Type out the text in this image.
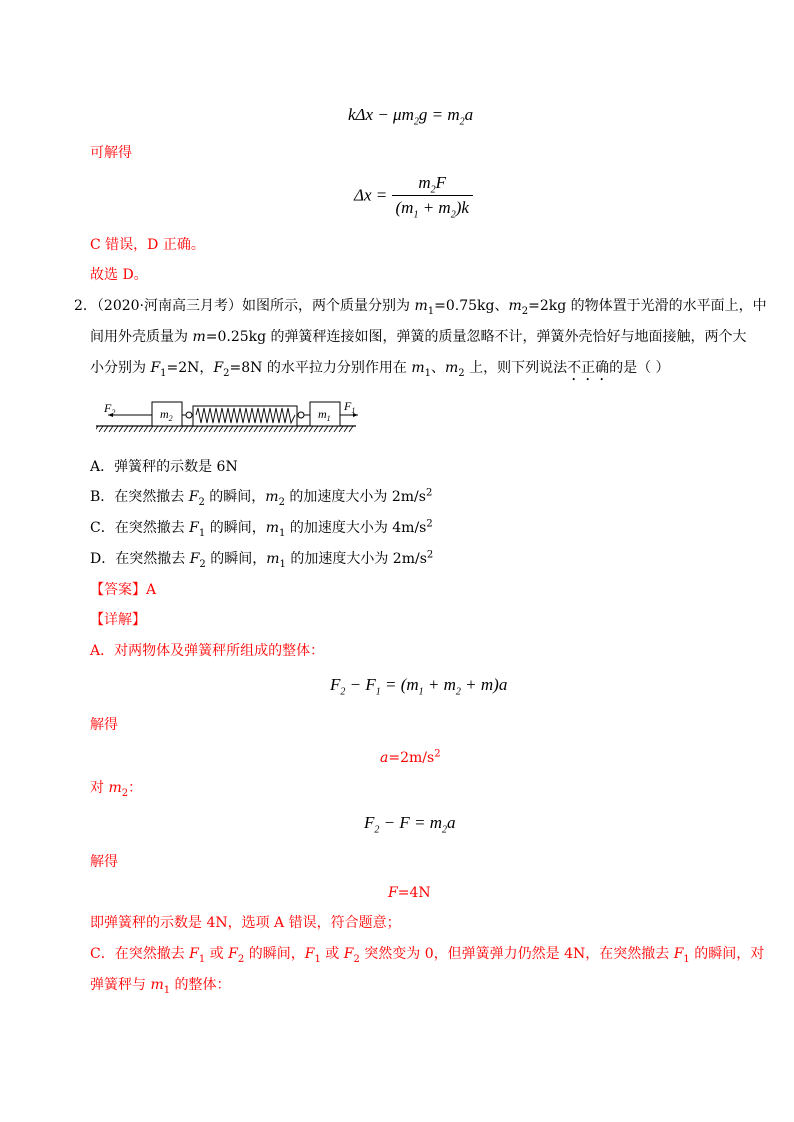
$k\Delta x - \mu m_2g = m_2a$
可解得
$\Delta x = \frac{m_2F}{(m_1 + m_2)k}$
C 错误，D 正确。
故选 D。
2．（2020·河南高三月考）如图所示，两个质量分别为 $m_1=0.75kg$、$m_2=2kg$ 的物体置于光滑的水平面上，中
间用外壳质量为 m=0.25kg 的弹簧秤连接如图，弹簧的质量忽略不计，弹簧外壳恰好与地面接触，两个大
小分别为 $F_1=2N$，$F_2=8N$ 的水平拉力分别作用在 $m_1$、$m_2$ 上，则下列说法不正确的是（ ）
$F_2$	$m_2$	$m_1$
$F_1$
A．弹簧秤的示数是 6N
B．在突然撤去 $F_2$ 的瞬间，$m_2$ 的加速度大小为 $2m/s^2$
C．在突然撤去 $F_1$ 的瞬间，$m_1$ 的加速度大小为 $4m/s^2$
D．在突然撤去 $F_2$ 的瞬间，$m_1$ 的加速度大小为 $2m/s^2$
【答案】A
【详解】
A．对两物体及弹簧秤所组成的整体：
$F_2 - F_1 = (m_1 + m_2 + m)a$
解得
$a=2m/s^2$
对 $m_2$：
$F_2 - F = m_2a$
解得
F=4N
即弹簧秤的示数是 4N，选项 A 错误，符合题意；
C．在突然撤去 $F_1$ 或 $F_2$ 的瞬间，$F_1$ 或 $F_2$ 突然变为 0，但弹簧弹力仍然是 4N，在突然撤去 $F_1$ 的瞬间，对
弹簧秤与 $m_1$ 的整体：
